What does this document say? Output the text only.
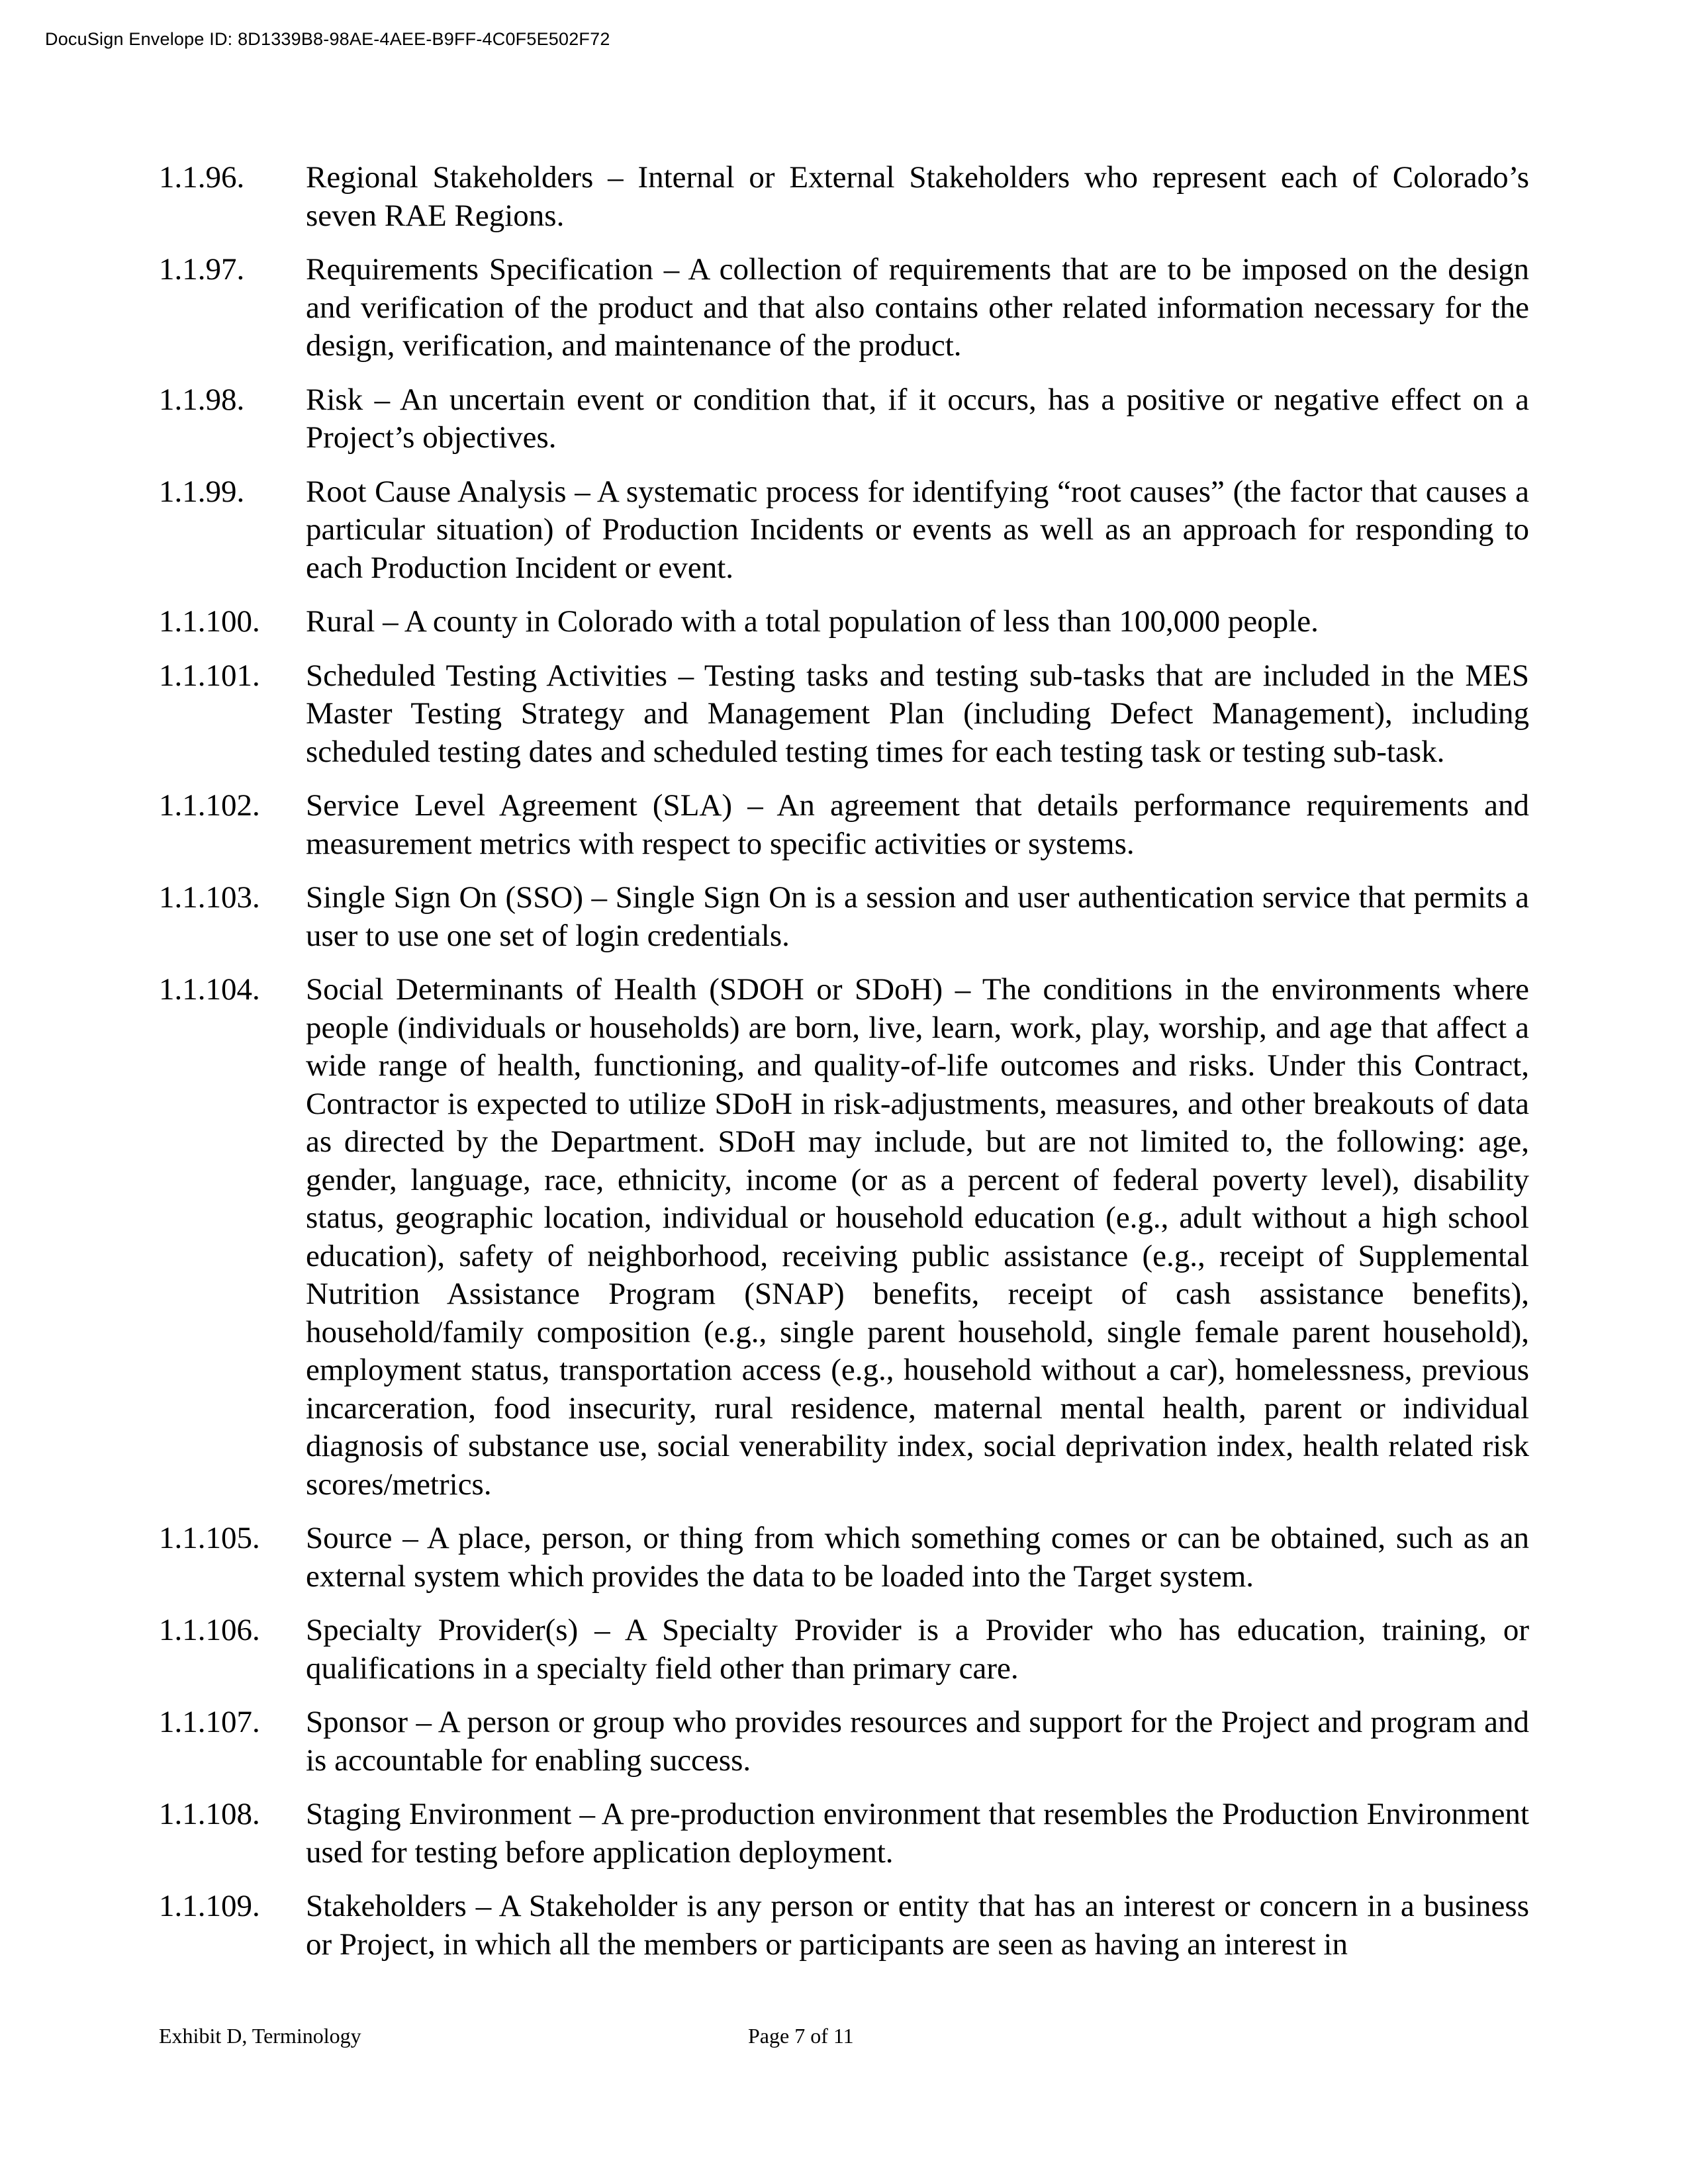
DocuSign Envelope ID: 8D1339B8-98AE-4AEE-B9FF-4C0F5E502F72
1.1.96.	Regional Stakeholders – Internal or External Stakeholders who represent each of Colorado’s seven RAE Regions.
1.1.97.	Requirements Specification – A collection of requirements that are to be imposed on the design and verification of the product and that also contains other related information necessary for the design, verification, and maintenance of the product.
1.1.98.	Risk – An uncertain event or condition that, if it occurs, has a positive or negative effect on a Project’s objectives.
1.1.99.	Root Cause Analysis – A systematic process for identifying “root causes” (the factor that causes a particular situation) of Production Incidents or events as well as an approach for responding to each Production Incident or event.
1.1.100.	Rural – A county in Colorado with a total population of less than 100,000 people.
1.1.101.	Scheduled Testing Activities – Testing tasks and testing sub-tasks that are included in the MES Master Testing Strategy and Management Plan (including Defect Management), including scheduled testing dates and scheduled testing times for each testing task or testing sub-task.
1.1.102.	Service Level Agreement (SLA) – An agreement that details performance requirements and measurement metrics with respect to specific activities or systems.
1.1.103.	Single Sign On (SSO) – Single Sign On is a session and user authentication service that permits a user to use one set of login credentials.
1.1.104.	Social Determinants of Health (SDOH or SDoH) – The conditions in the environments where people (individuals or households) are born, live, learn, work, play, worship, and age that affect a wide range of health, functioning, and quality-of-life outcomes and risks. Under this Contract, Contractor is expected to utilize SDoH in risk-adjustments, measures, and other breakouts of data as directed by the Department. SDoH may include, but are not limited to, the following: age, gender, language, race, ethnicity, income (or as a percent of federal poverty level), disability status, geographic location, individual or household education (e.g., adult without a high school education), safety of neighborhood, receiving public assistance (e.g., receipt of Supplemental Nutrition Assistance Program (SNAP) benefits, receipt of cash assistance benefits), household/family composition (e.g., single parent household, single female parent household), employment status, transportation access (e.g., household without a car), homelessness, previous incarceration, food insecurity, rural residence, maternal mental health, parent or individual diagnosis of substance use, social venerability index, social deprivation index, health related risk scores/metrics.
1.1.105.	Source – A place, person, or thing from which something comes or can be obtained, such as an external system which provides the data to be loaded into the Target system.
1.1.106.	Specialty Provider(s) – A Specialty Provider is a Provider who has education, training, or qualifications in a specialty field other than primary care.
1.1.107.	Sponsor – A person or group who provides resources and support for the Project and program and is accountable for enabling success.
1.1.108.	Staging Environment – A pre-production environment that resembles the Production Environment used for testing before application deployment.
1.1.109.	Stakeholders – A Stakeholder is any person or entity that has an interest or concern in a business or Project, in which all the members or participants are seen as having an interest in
Exhibit D, Terminology	Page 7 of 11
